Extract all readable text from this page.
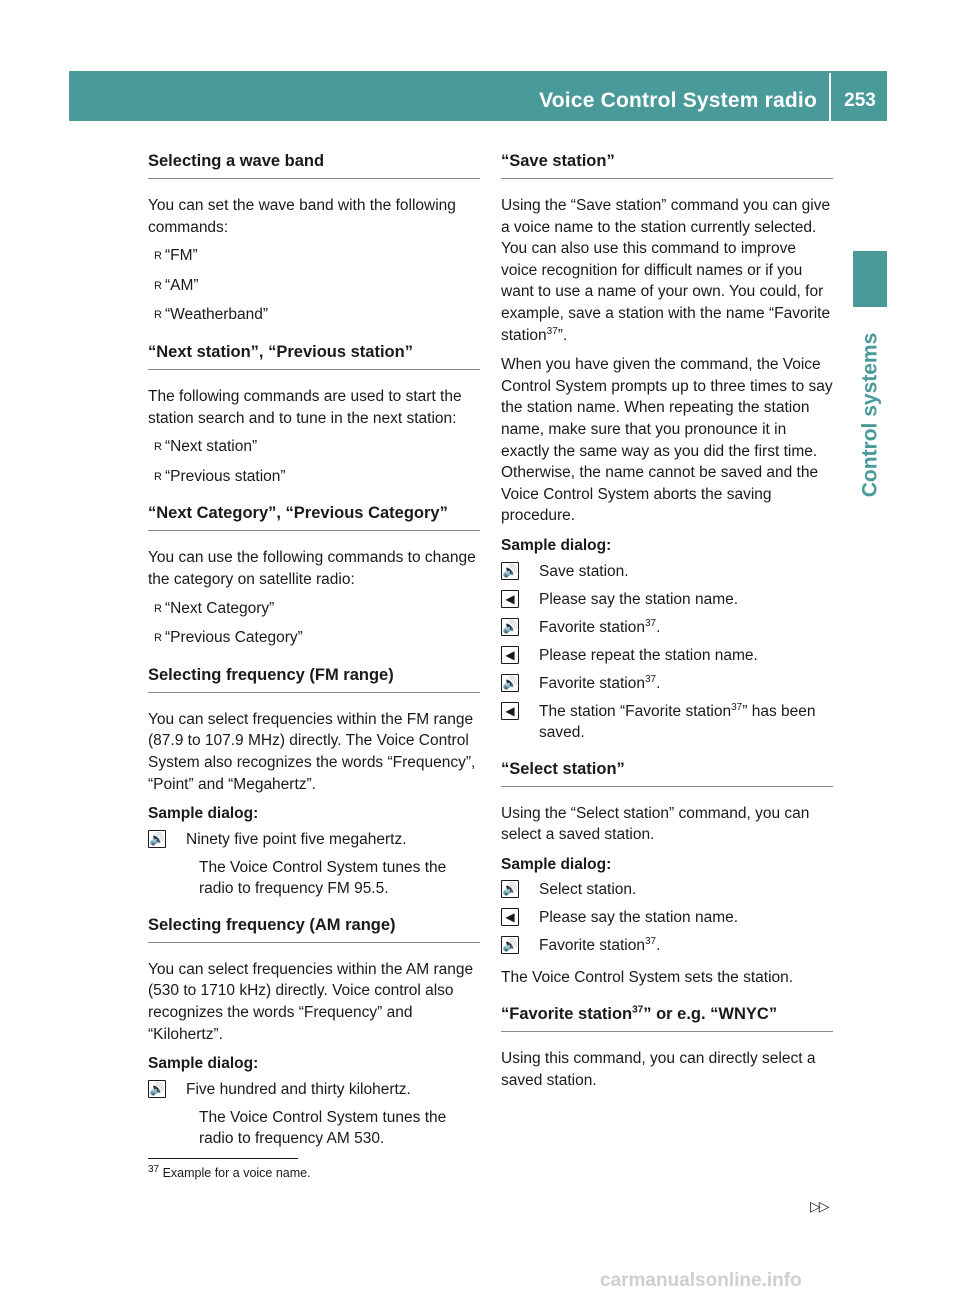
Voice Control System radio	253
Control systems
Selecting a wave band

You can set the wave band with the following commands:

R “FM”
R “AM”
R “Weatherband”
“Next station”, “Previous station”

The following commands are used to start the station search and to tune in the next station:

R “Next station”
R “Previous station”
“Next Category”, “Previous Category”

You can use the following commands to change the category on satellite radio:

R “Next Category”
R “Previous Category”
Selecting frequency (FM range)

You can select frequencies within the FM range (87.9 to 107.9 MHz) directly. The Voice Control System also recognizes the words “Frequency”, “Point” and “Megahertz”.

Sample dialog:

🔊 Ninety five point five megahertz.
The Voice Control System tunes the radio to frequency FM 95.5.
Selecting frequency (AM range)

You can select frequencies within the AM range (530 to 1710 kHz) directly. Voice control also recognizes the words “Frequency” and “Kilohertz”.

Sample dialog:

🔊 Five hundred and thirty kilohertz.
The Voice Control System tunes the radio to frequency AM 530.
“Save station”

Using the “Save station” command you can give a voice name to the station currently selected. You can also use this command to improve voice recognition for difficult names or if you want to use a name of your own. You could, for example, save a station with the name “Favorite station$^{37}$”.

When you have given the command, the Voice Control System prompts up to three times to say the station name. When repeating the station name, make sure that you pronounce it in exactly the same way as you did the first time. Otherwise, the name cannot be saved and the Voice Control System aborts the saving procedure.

Sample dialog:

🔊 Save station.
◀ Please say the station name.
🔊 Favorite station$^{37}$.
◀ Please repeat the station name.
🔊 Favorite station$^{37}$.
◀ The station “Favorite station$^{37}$” has been saved.
“Select station”

Using the “Select station” command, you can select a saved station.

Sample dialog:

🔊 Select station.
◀ Please say the station name.
🔊 Favorite station$^{37}$.

The Voice Control System sets the station.

“Favorite station$^{37}$” or e.g. “WNYC”

Using this command, you can directly select a saved station.

$^{37}$ Example for a voice name.
▷▷
carmanualsonline.info
